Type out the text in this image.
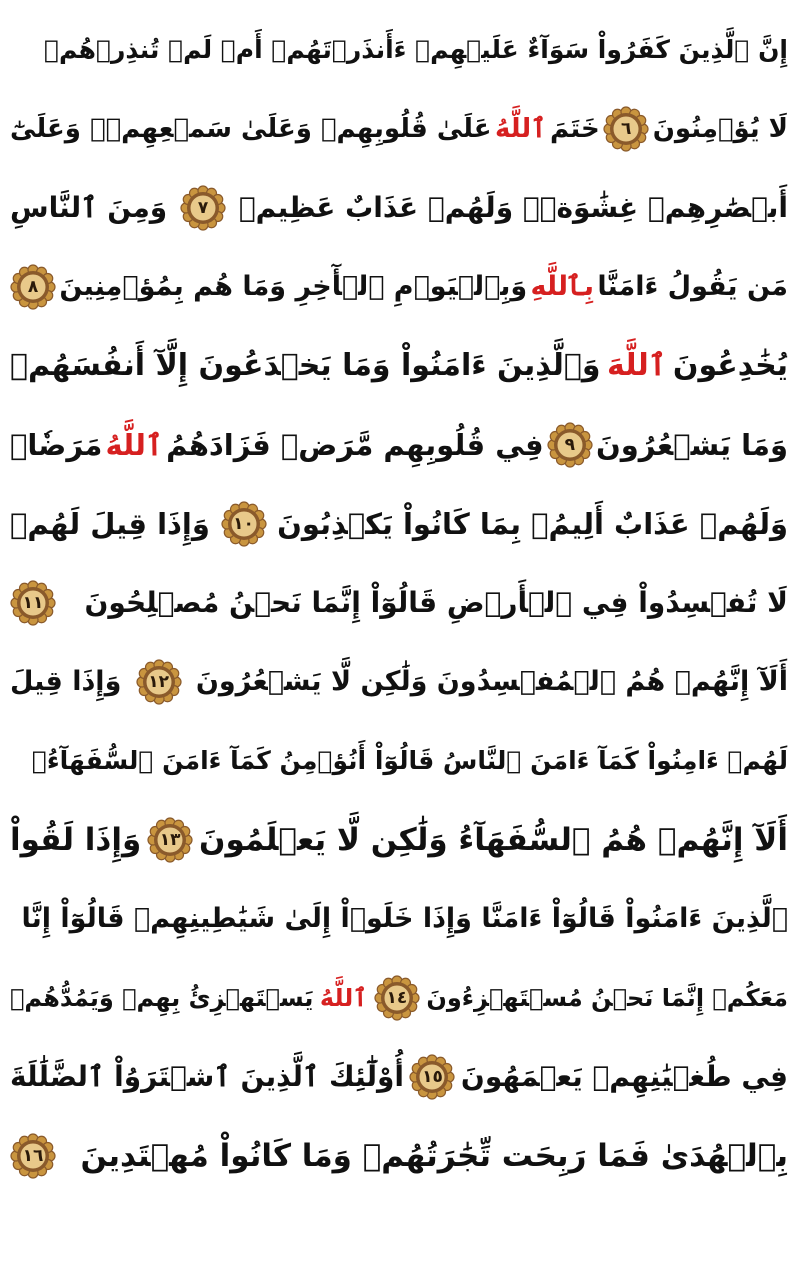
إِنَّ ٱلَّذِينَ كَفَرُواْ سَوَآءٌ عَلَيۡهِمۡ ءَأَنذَرۡتَهُمۡ أَمۡ لَمۡ تُنذِرۡهُمۡ
لَا يُؤۡمِنُونَ
٦
خَتَمَ
ٱللَّهُ
عَلَىٰ قُلُوبِهِمۡ وَعَلَىٰ سَمۡعِهِمۡۖ وَعَلَىٰٓ
أَبۡصَٰرِهِمۡ غِشَٰوَةٞۖ وَلَهُمۡ عَذَابٌ عَظِيمٞ
٧
وَمِنَ ٱلنَّاسِ
مَن يَقُولُ ءَامَنَّا
بِٱللَّهِ
وَبِٱلۡيَوۡمِ ٱلۡأٓخِرِ وَمَا هُم بِمُؤۡمِنِينَ
٨
يُخَٰدِعُونَ
ٱللَّهَ
وَٱلَّذِينَ ءَامَنُواْ وَمَا يَخۡدَعُونَ إِلَّآ أَنفُسَهُمۡ
وَمَا يَشۡعُرُونَ
٩
فِي قُلُوبِهِم مَّرَضٞ فَزَادَهُمُ
ٱللَّهُ
مَرَضٗاۖ
وَلَهُمۡ عَذَابٌ أَلِيمُۢ بِمَا كَانُواْ يَكۡذِبُونَ
١٠
وَإِذَا قِيلَ لَهُمۡ
لَا تُفۡسِدُواْ فِي ٱلۡأَرۡضِ قَالُوٓاْ إِنَّمَا نَحۡنُ مُصۡلِحُونَ
١١
أَلَآ إِنَّهُمۡ هُمُ ٱلۡمُفۡسِدُونَ وَلَٰكِن لَّا يَشۡعُرُونَ
١٢
وَإِذَا قِيلَ
لَهُمۡ ءَامِنُواْ كَمَآ ءَامَنَ ٱلنَّاسُ قَالُوٓاْ أَنُؤۡمِنُ كَمَآ ءَامَنَ ٱلسُّفَهَآءُۗ
أَلَآ إِنَّهُمۡ هُمُ ٱلسُّفَهَآءُ وَلَٰكِن لَّا يَعۡلَمُونَ
١٣
وَإِذَا لَقُواْ
ٱلَّذِينَ ءَامَنُواْ قَالُوٓاْ ءَامَنَّا وَإِذَا خَلَوۡاْ إِلَىٰ شَيَٰطِينِهِمۡ قَالُوٓاْ إِنَّا
مَعَكُمۡ إِنَّمَا نَحۡنُ مُسۡتَهۡزِءُونَ
١٤
ٱللَّهُ
يَسۡتَهۡزِئُ بِهِمۡ وَيَمُدُّهُمۡ
فِي طُغۡيَٰنِهِمۡ يَعۡمَهُونَ
١٥
أُوْلَٰٓئِكَ ٱلَّذِينَ ٱشۡتَرَوُاْ ٱلضَّلَٰلَةَ
بِٱلۡهُدَىٰ فَمَا رَبِحَت تِّجَٰرَتُهُمۡ وَمَا كَانُواْ مُهۡتَدِينَ
١٦
